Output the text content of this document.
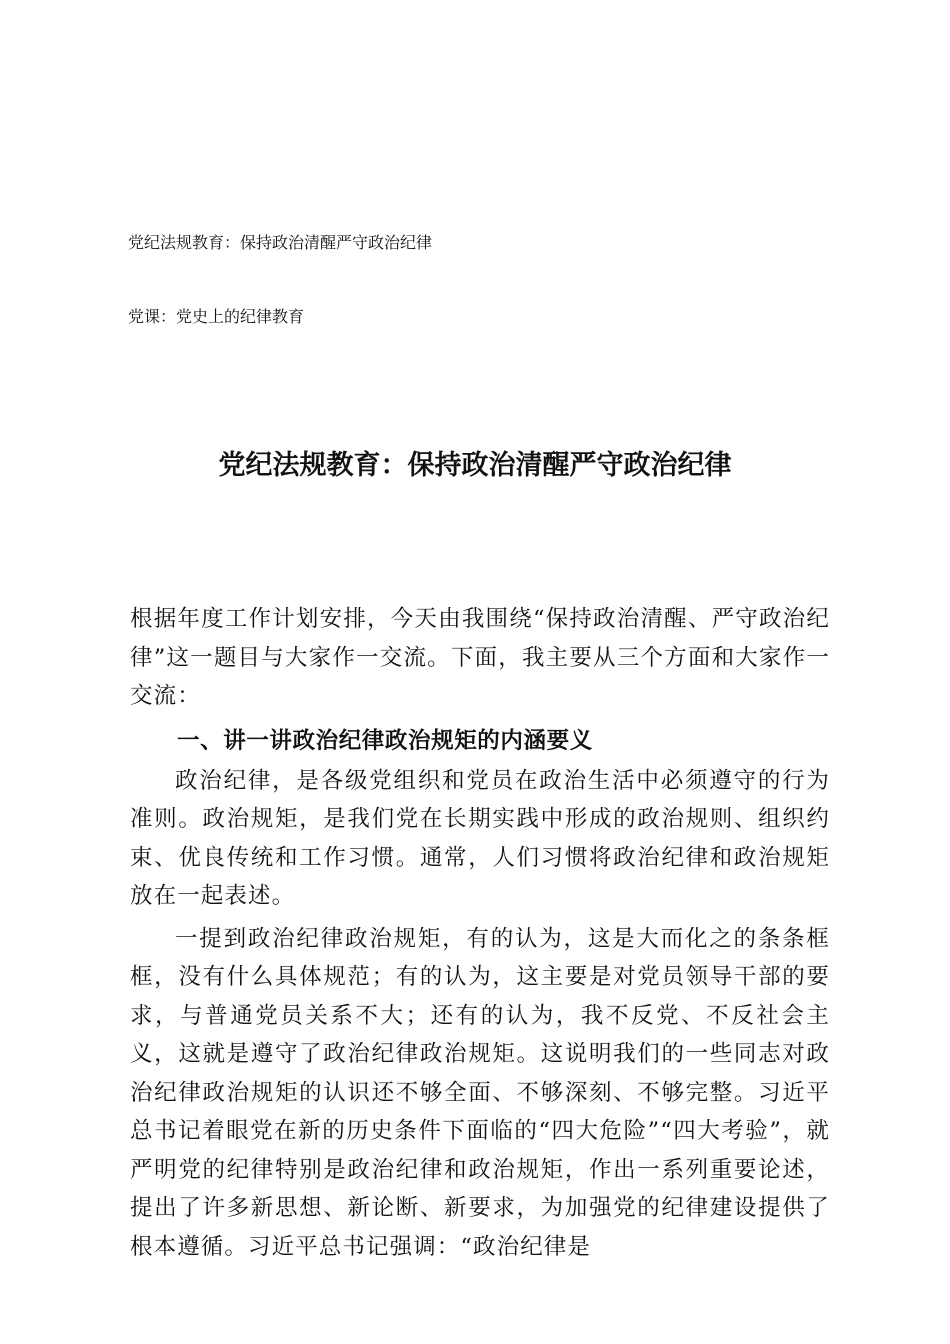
党纪法规教育：保持政治清醒严守政治纪律
党课：党史上的纪律教育
党纪法规教育：保持政治清醒严守政治纪律

根据年度工作计划安排，今天由我围绕“保持政治清醒、严守政治纪律”这一题目与大家作一交流。下面，我主要从三个方面和大家作一交流：

一、讲一讲政治纪律政治规矩的内涵要义

政治纪律，是各级党组织和党员在政治生活中必须遵守的行为准则。政治规矩，是我们党在长期实践中形成的政治规则、组织约束、优良传统和工作习惯。通常，人们习惯将政治纪律和政治规矩放在一起表述。

一提到政治纪律政治规矩，有的认为，这是大而化之的条条框框，没有什么具体规范；有的认为，这主要是对党员领导干部的要求，与普通党员关系不大；还有的认为，我不反党、不反社会主义，这就是遵守了政治纪律政治规矩。这说明我们的一些同志对政治纪律政治规矩的认识还不够全面、不够深刻、不够完整。习近平总书记着眼党在新的历史条件下面临的“四大危险”“四大考验”，就严明党的纪律特别是政治纪律和政治规矩，作出一系列重要论述，提出了许多新思想、新论断、新要求，为加强党的纪律建设提供了根本遵循。习近平总书记强调：“政治纪律是
